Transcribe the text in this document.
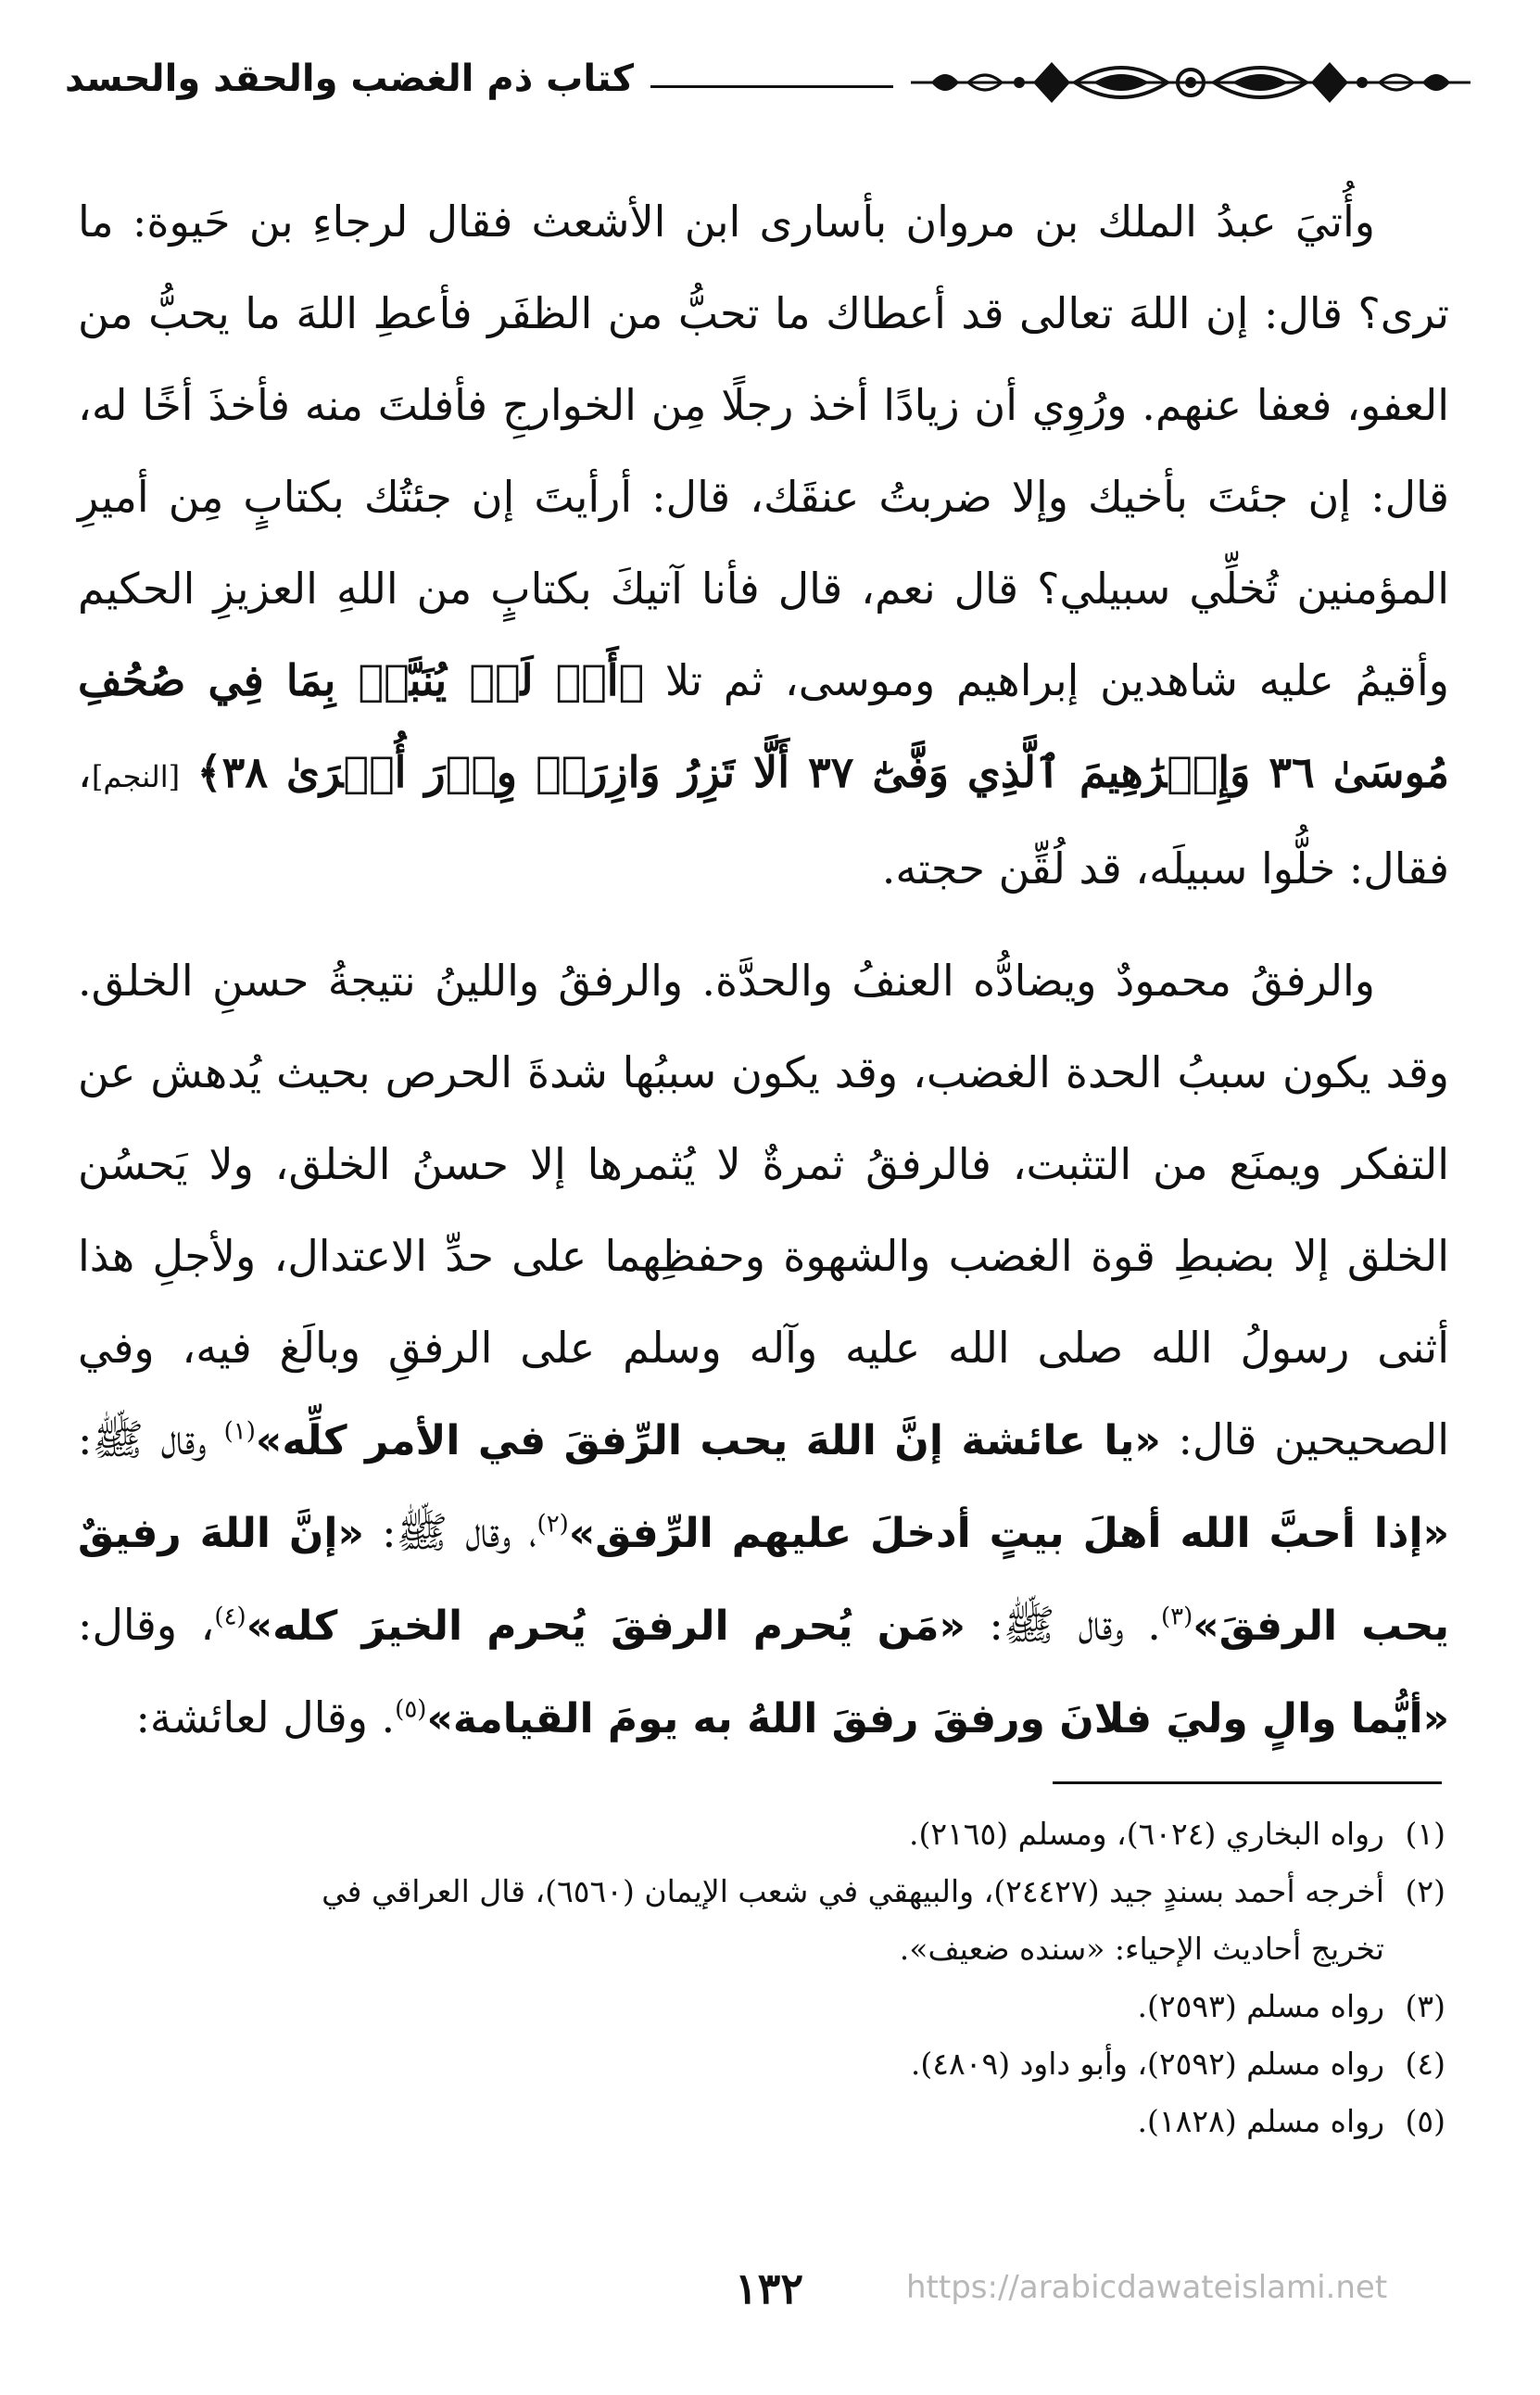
كتاب ذم الغضب والحقد والحسد

وأُتيَ عبدُ الملك بن مروان بأسارى ابن الأشعث فقال لرجاءِ بن حَيوة: ما ترى؟ قال: إن اللهَ تعالى قد أعطاك ما تحبُّ من الظفَر فأعطِ اللهَ ما يحبُّ من العفو، فعفا عنهم. ورُوِي أن زيادًا أخذ رجلًا مِن الخوارجِ فأفلتَ منه فأخذَ أخًا له، قال: إن جئتَ بأخيك وإلا ضربتُ عنقَك، قال: أرأيتَ إن جئتُك بكتابٍ مِن أميرِ المؤمنين تُخلِّي سبيلي؟ قال نعم، قال فأنا آتيكَ بكتابٍ من اللهِ العزيزِ الحكيم وأقيمُ عليه شاهدين إبراهيم وموسى، ثم تلا ﴿أَمۡ لَمۡ يُنَبَّأۡ بِمَا فِي صُحُفِ مُوسَىٰ ٣٦ وَإِبۡرَٰهِيمَ ٱلَّذِي وَفَّىٰٓ ٣٧ أَلَّا تَزِرُ وَازِرَةٞ وِزۡرَ أُخۡرَىٰ ٣٨﴾ [النجم]، فقال: خلُّوا سبيلَه، قد لُقِّن حجته.

والرفقُ محمودٌ ويضادُّه العنفُ والحدَّة. والرفقُ واللينُ نتيجةُ حسنِ الخلق. وقد يكون سببُ الحدة الغضب، وقد يكون سببُها شدةَ الحرص بحيث يُدهش عن التفكر ويمنَع من التثبت، فالرفقُ ثمرةٌ لا يُثمرها إلا حسنُ الخلق، ولا يَحسُن الخلق إلا بضبطِ قوة الغضب والشهوة وحفظِهما على حدِّ الاعتدال، ولأجلِ هذا أثنى رسولُ الله صلى الله عليه وآله وسلم على الرفقِ وبالَغ فيه، وفي الصحيحين قال: «يا عائشة إنَّ اللهَ يحب الرِّفقَ في الأمر كلِّه»$^{(١)}$ وقال ﷺ: «إذا أحبَّ الله أهلَ بيتٍ أدخلَ عليهم الرِّفق»$^{(٢)}$، وقال ﷺ: «إنَّ اللهَ رفيقٌ يحب الرفقَ»$^{(٣)}$. وقال ﷺ: «مَن يُحرم الرفقَ يُحرم الخيرَ كله»$^{(٤)}$، وقال: «أيُّما والٍ وليَ فلانَ ورفقَ رفقَ اللهُ به يومَ القيامة»$^{(٥)}$. وقال لعائشة:

(١)رواه البخاري (٦٠٢٤)، ومسلم (٢١٦٥).
(٢)أخرجه أحمد بسندٍ جيد (٢٤٤٢٧)، والبيهقي في شعب الإيمان (٦٥٦٠)، قال العراقي في
تخريج أحاديث الإحياء: «سنده ضعيف».
(٣)رواه مسلم (٢٥٩٣).
(٤)رواه مسلم (٢٥٩٢)، وأبو داود (٤٨٠٩).
(٥)رواه مسلم (١٨٢٨).
١٣٢	https://arabicdawateislami.net
